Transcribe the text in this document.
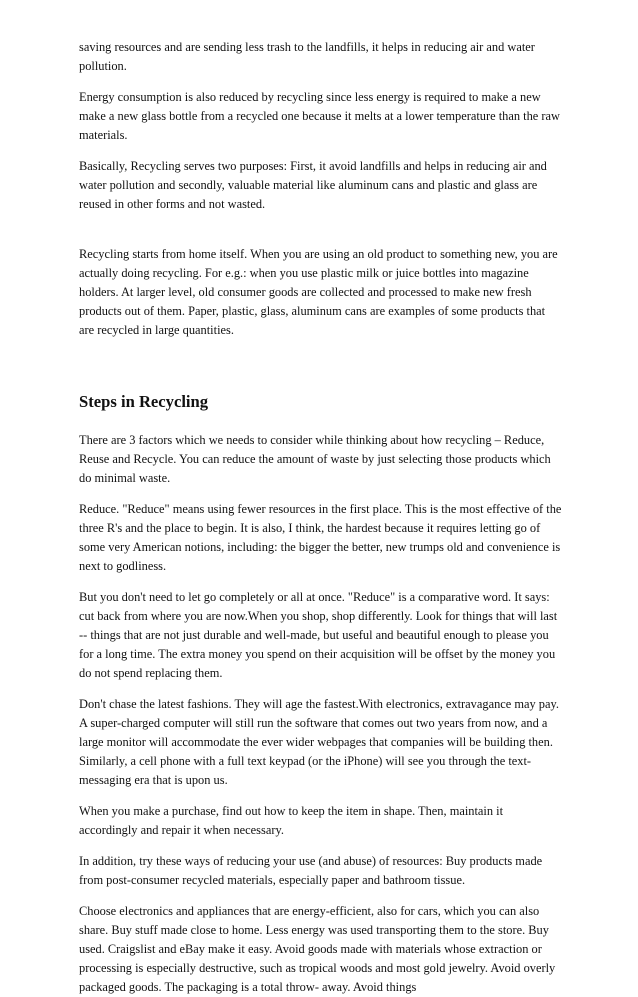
saving resources and are sending less trash to the landfills, it helps in reducing air and water pollution.

Energy consumption is also reduced by recycling since less energy is required to make a new make a new glass bottle from a recycled one because it melts at a lower temperature than the raw materials.

Basically, Recycling serves two purposes: First, it avoid landfills and helps in reducing air and water pollution and secondly, valuable material like aluminum cans and plastic and glass are reused in other forms and not wasted.

Recycling starts from home itself. When you are using an old product to something new, you are actually doing recycling. For e.g.: when you use plastic milk or juice bottles into magazine holders. At larger level, old consumer goods are collected and processed to make new fresh products out of them. Paper, plastic, glass, aluminum cans are examples of some products that are recycled in large quantities.

Steps in Recycling

There are 3 factors which we needs to consider while thinking about how recycling – Reduce, Reuse and Recycle. You can reduce the amount of waste by just selecting those products which do minimal waste.

Reduce. "Reduce" means using fewer resources in the first place. This is the most effective of the three R's and the place to begin. It is also, I think, the hardest because it requires letting go of some very American notions, including: the bigger the better, new trumps old and convenience is next to godliness.

But you don't need to let go completely or all at once. "Reduce" is a comparative word. It says: cut back from where you are now.When you shop, shop differently. Look for things that will last -- things that are not just durable and well-made, but useful and beautiful enough to please you for a long time. The extra money you spend on their acquisition will be offset by the money you do not spend replacing them.

Don't chase the latest fashions. They will age the fastest.With electronics, extravagance may pay. A super-charged computer will still run the software that comes out two years from now, and a large monitor will accommodate the ever wider webpages that companies will be building then. Similarly, a cell phone with a full text keypad (or the iPhone) will see you through the text-messaging era that is upon us.

When you make a purchase, find out how to keep the item in shape. Then, maintain it accordingly and repair it when necessary.

In addition, try these ways of reducing your use (and abuse) of resources: Buy products made from post-consumer recycled materials, especially paper and bathroom tissue.

Choose electronics and appliances that are energy-efficient, also for cars, which you can also share. Buy stuff made close to home. Less energy was used transporting them to the store. Buy used. Craigslist and eBay make it easy. Avoid goods made with materials whose extraction or processing is especially destructive, such as tropical woods and most gold jewelry. Avoid overly packaged goods. The packaging is a total throw- away. Avoid things
